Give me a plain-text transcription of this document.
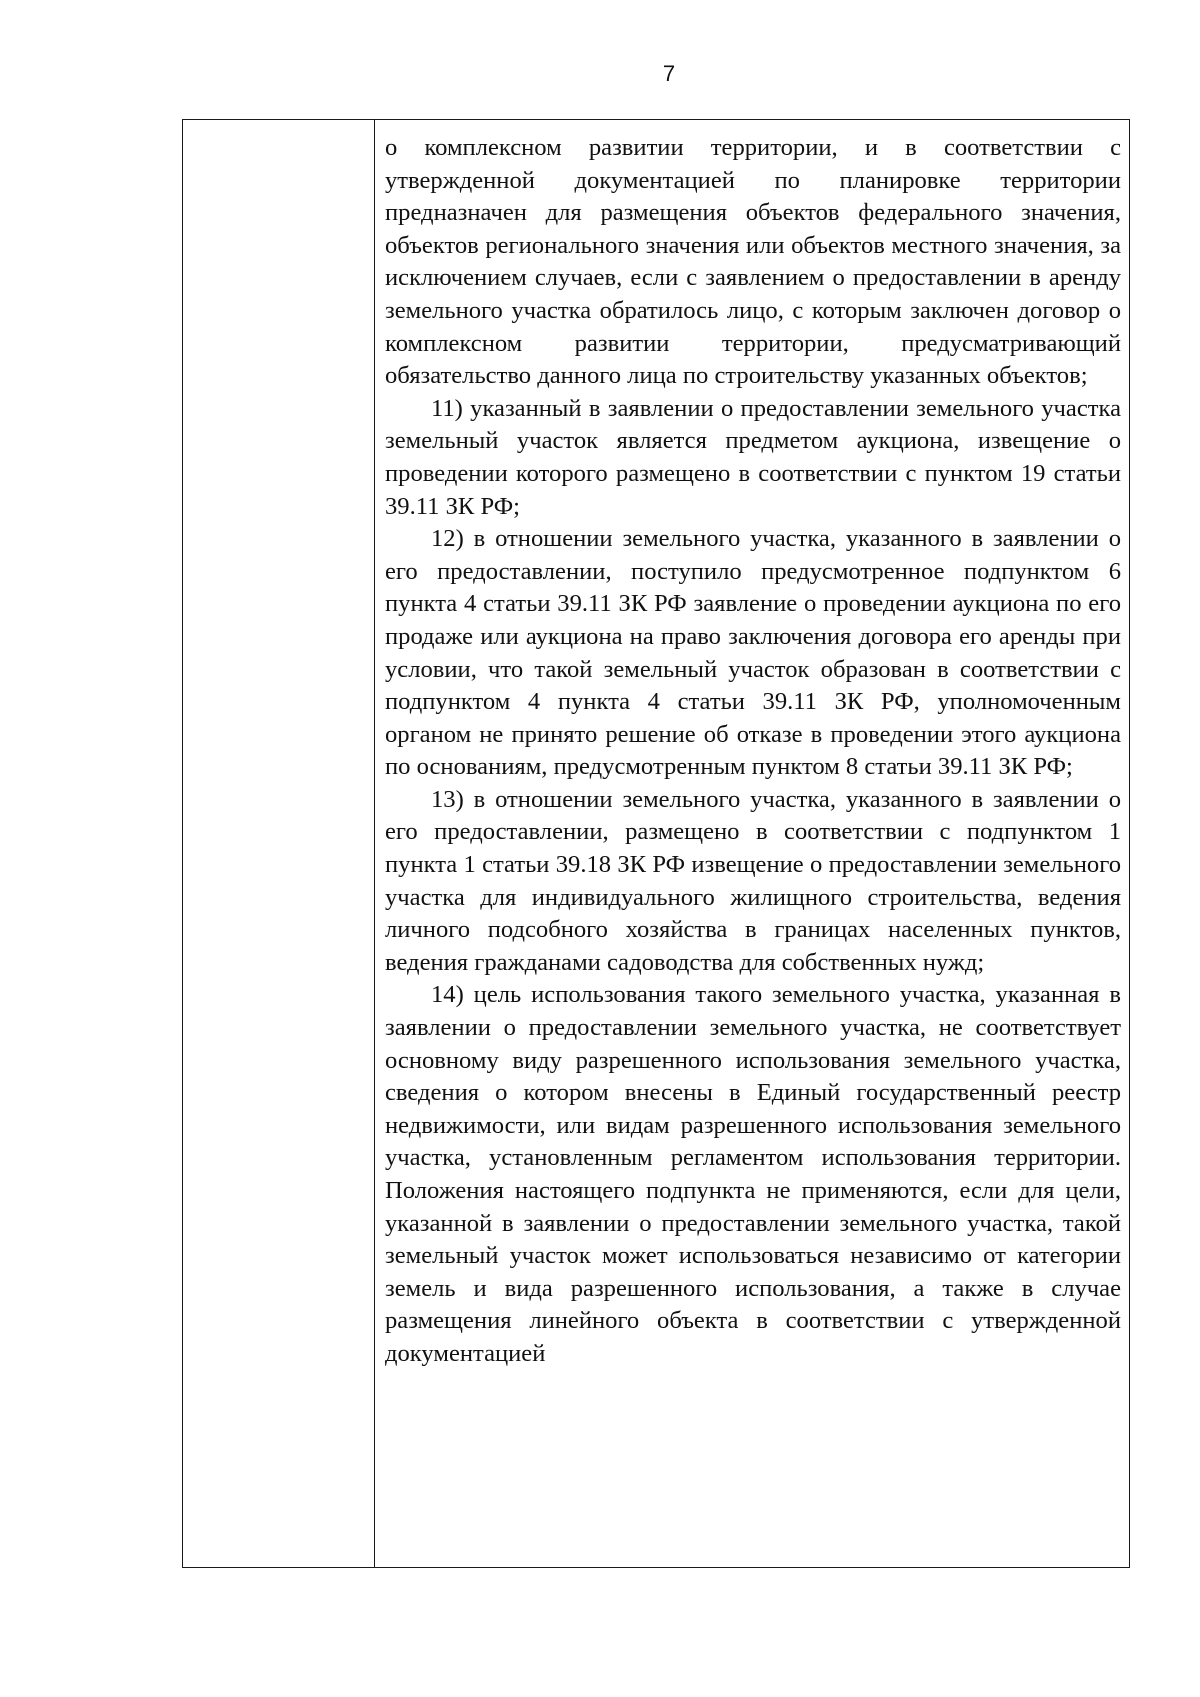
7

о комплексном развитии территории, и в соответствии с утвержденной документацией по планировке территории предназначен для размещения объектов федерального значения, объектов регионального значения или объектов местного значения, за исключением случаев, если с заявлением о предоставлении в аренду земельного участка обратилось лицо, с которым заключен договор о комплексном развитии территории, предусматривающий обязательство данного лица по строительству указанных объектов;

11) указанный в заявлении о предоставлении земельного участка земельный участок является предметом аукциона, извещение о проведении которого размещено в соответствии с пунктом 19 статьи 39.11 ЗК РФ;

12) в отношении земельного участка, указанного в заявлении о его предоставлении, поступило предусмотренное подпунктом 6 пункта 4 статьи 39.11 ЗК РФ заявление о проведении аукциона по его продаже или аукциона на право заключения договора его аренды при условии, что такой земельный участок образован в соответствии с подпунктом 4 пункта 4 статьи 39.11 ЗК РФ, уполномоченным органом не принято решение об отказе в проведении этого аукциона по основаниям, предусмотренным пунктом 8 статьи 39.11 ЗК РФ;

13) в отношении земельного участка, указанного в заявлении о его предоставлении, размещено в соответствии с подпунктом 1 пункта 1 статьи 39.18 ЗК РФ извещение о предоставлении земельного участка для индивидуального жилищного строительства, ведения личного подсобного хозяйства в границах населенных пунктов, ведения гражданами садоводства для собственных нужд;

14) цель использования такого земельного участка, указанная в заявлении о предоставлении земельного участка, не соответствует основному виду разрешенного использования земельного участка, сведения о котором внесены в Единый государственный реестр недвижимости, или видам разрешенного использования земельного участка, установленным регламентом использования территории. Положения настоящего подпункта не применяются, если для цели, указанной в заявлении о предоставлении земельного участка, такой земельный участок может использоваться независимо от категории земель и вида разрешенного использования, а также в случае размещения линейного объекта в соответствии с утвержденной документацией
